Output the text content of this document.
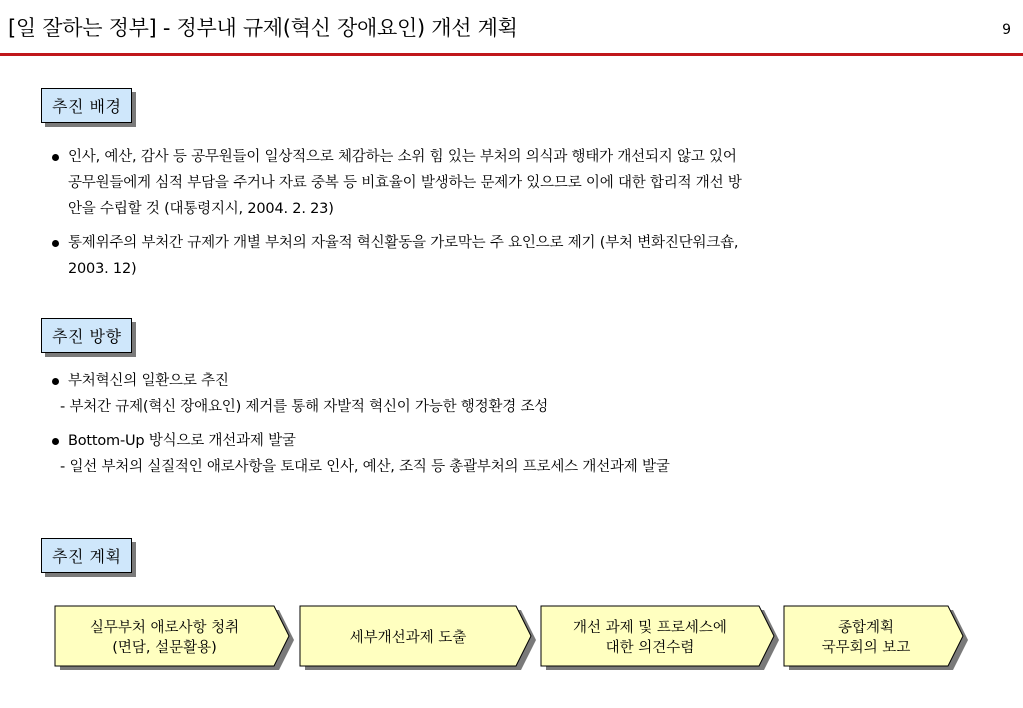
[일 잘하는 정부] - 정부내 규제(혁신 장애요인) 개선 계획	9
추진 배경
인사, 예산, 감사 등 공무원들이 일상적으로 체감하는 소위 힘 있는 부처의 의식과 행태가 개선되지 않고 있어
공무원들에게 심적 부담을 주거나 자료 중복 등 비효율이 발생하는 문제가 있으므로 이에 대한 합리적 개선 방
안을 수립할 것 (대통령지시, 2004. 2. 23)
통제위주의 부처간 규제가 개별 부처의 자율적 혁신활동을 가로막는 주 요인으로 제기 (부처 변화진단워크숍,
2003. 12)
추진 방향
부처혁신의 일환으로 추진
- 부처간 규제(혁신 장애요인) 제거를 통해 자발적 혁신이 가능한 행정환경 조성
Bottom-Up 방식으로 개선과제 발굴
- 일선 부처의 실질적인 애로사항을 토대로 인사, 예산, 조직 등 총괄부처의 프로세스 개선과제 발굴
추진 계획
실무부처 애로사항 청취
(면담, 설문활용)
세부개선과제 도출
개선 과제 및 프로세스에
대한 의견수렴
종합계획
국무회의 보고
